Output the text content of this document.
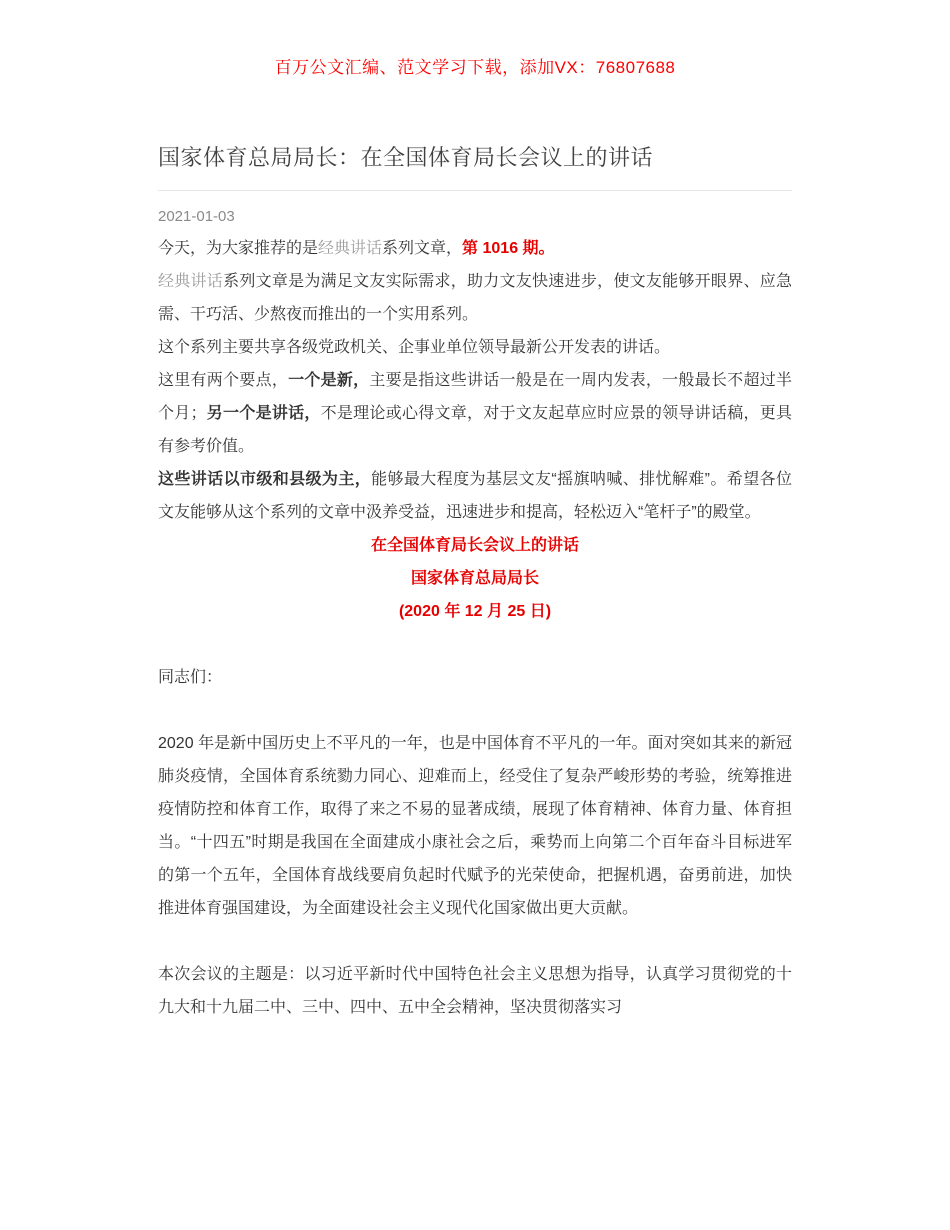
百万公文汇编、范文学习下载，添加VX：76807688
国家体育总局局长：在全国体育局长会议上的讲话
2021-01-03

今天，为大家推荐的是经典讲话系列文章，第 1016 期。

经典讲话系列文章是为满足文友实际需求，助力文友快速进步，使文友能够开眼界、应急需、干巧活、少熬夜而推出的一个实用系列。

这个系列主要共享各级党政机关、企事业单位领导最新公开发表的讲话。

这里有两个要点，一个是新，主要是指这些讲话一般是在一周内发表，一般最长不超过半个月；另一个是讲话，不是理论或心得文章，对于文友起草应时应景的领导讲话稿，更具有参考价值。

这些讲话以市级和县级为主，能够最大程度为基层文友“摇旗呐喊、排忧解难”。希望各位文友能够从这个系列的文章中汲养受益，迅速进步和提高，轻松迈入“笔杆子”的殿堂。

在全国体育局长会议上的讲话

国家体育总局局长

(2020 年 12 月 25 日)

同志们：

2020 年是新中国历史上不平凡的一年，也是中国体育不平凡的一年。面对突如其来的新冠肺炎疫情，全国体育系统勠力同心、迎难而上，经受住了复杂严峻形势的考验，统筹推进疫情防控和体育工作，取得了来之不易的显著成绩，展现了体育精神、体育力量、体育担当。“十四五”时期是我国在全面建成小康社会之后，乘势而上向第二个百年奋斗目标进军的第一个五年，全国体育战线要肩负起时代赋予的光荣使命，把握机遇，奋勇前进，加快推进体育强国建设，为全面建设社会主义现代化国家做出更大贡献。

本次会议的主题是：以习近平新时代中国特色社会主义思想为指导，认真学习贯彻党的十九大和十九届二中、三中、四中、五中全会精神，坚决贯彻落实习
